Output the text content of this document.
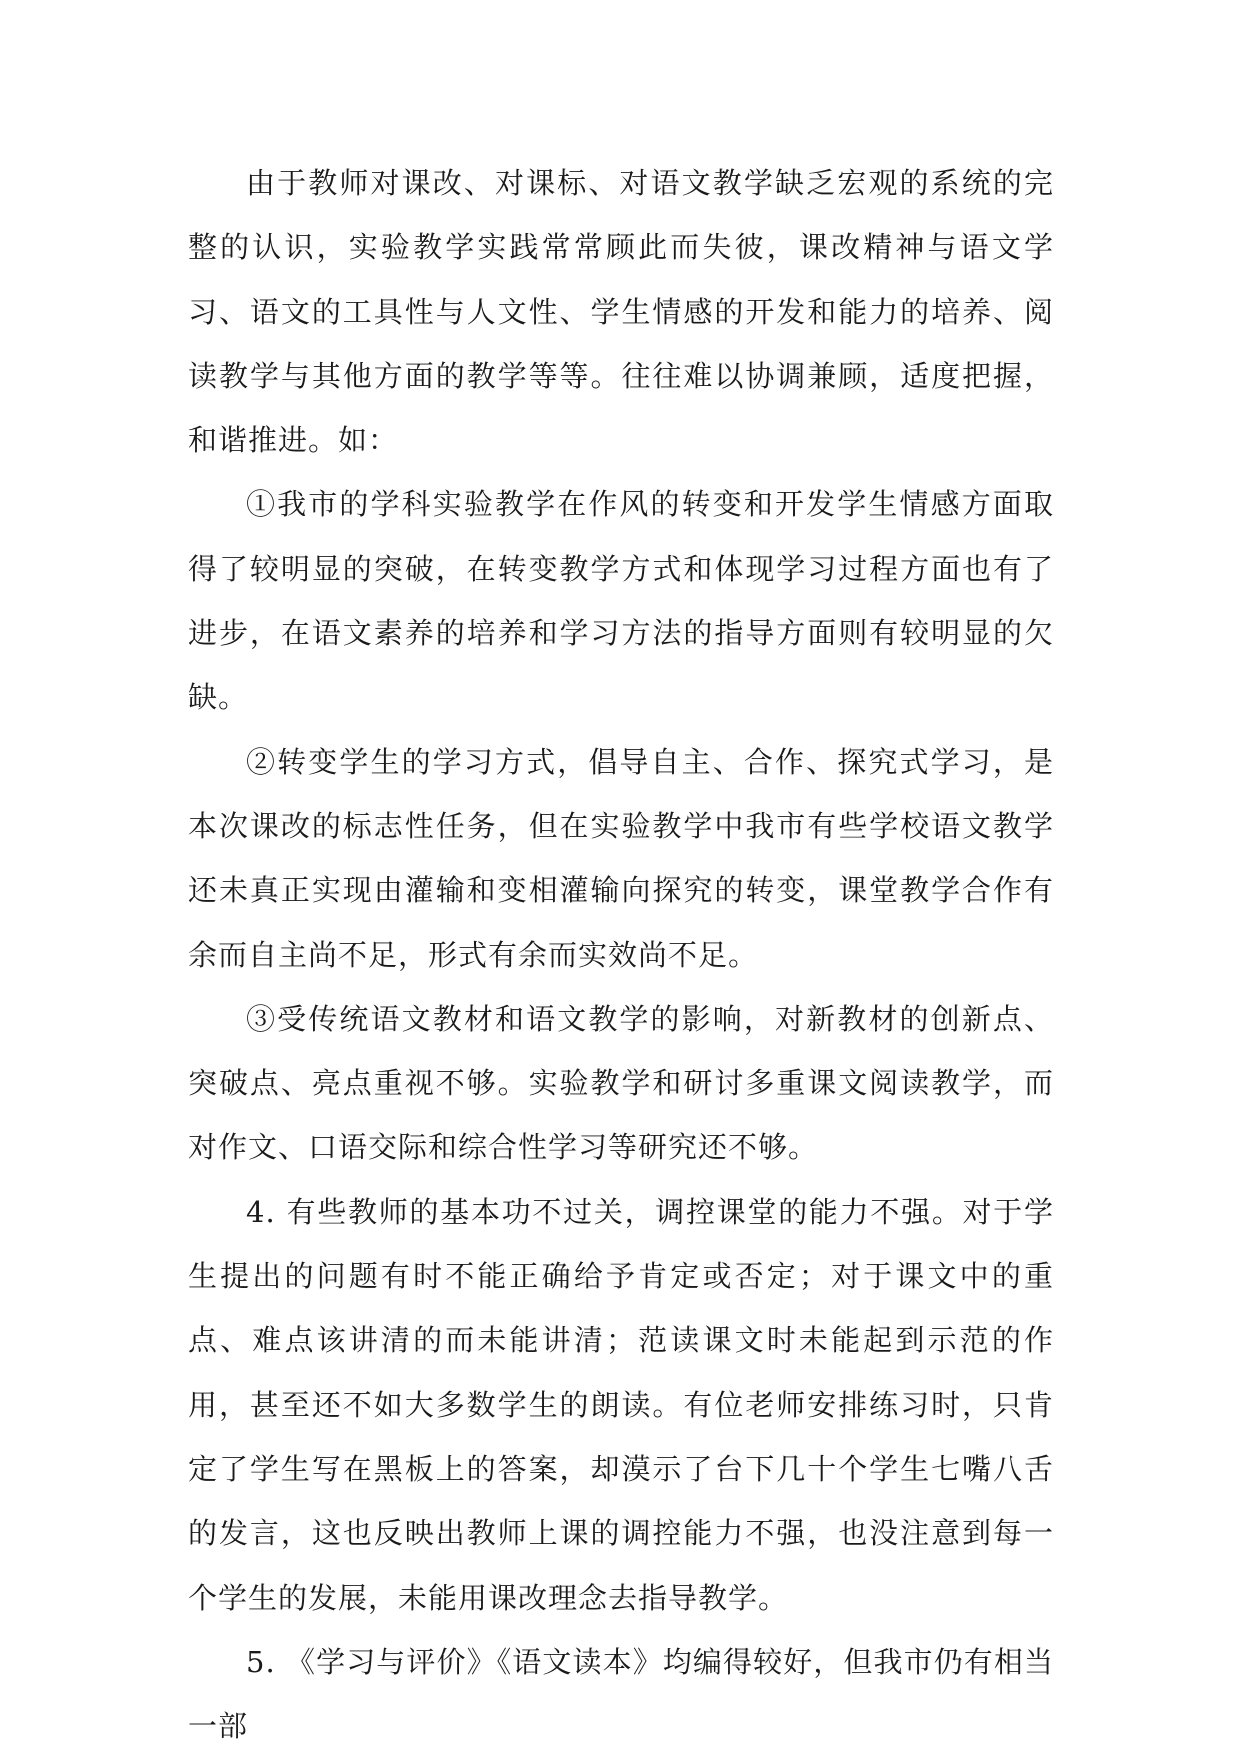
由于教师对课改、对课标、对语文教学缺乏宏观的系统的完整的认识，实验教学实践常常顾此而失彼，课改精神与语文学习、语文的工具性与人文性、学生情感的开发和能力的培养、阅读教学与其他方面的教学等等。往往难以协调兼顾，适度把握，和谐推进。如：

①我市的学科实验教学在作风的转变和开发学生情感方面取得了较明显的突破，在转变教学方式和体现学习过程方面也有了进步，在语文素养的培养和学习方法的指导方面则有较明显的欠缺。

②转变学生的学习方式，倡导自主、合作、探究式学习，是本次课改的标志性任务，但在实验教学中我市有些学校语文教学还未真正实现由灌输和变相灌输向探究的转变，课堂教学合作有余而自主尚不足，形式有余而实效尚不足。

③受传统语文教材和语文教学的影响，对新教材的创新点、突破点、亮点重视不够。实验教学和研讨多重课文阅读教学，而对作文、口语交际和综合性学习等研究还不够。

4. 有些教师的基本功不过关，调控课堂的能力不强。对于学生提出的问题有时不能正确给予肯定或否定；对于课文中的重点、难点该讲清的而未能讲清；范读课文时未能起到示范的作用，甚至还不如大多数学生的朗读。有位老师安排练习时，只肯定了学生写在黑板上的答案，却漠示了台下几十个学生七嘴八舌的发言，这也反映出教师上课的调控能力不强，也没注意到每一个学生的发展，未能用课改理念去指导教学。

5. 《学习与评价》《语文读本》均编得较好，但我市仍有相当一部
